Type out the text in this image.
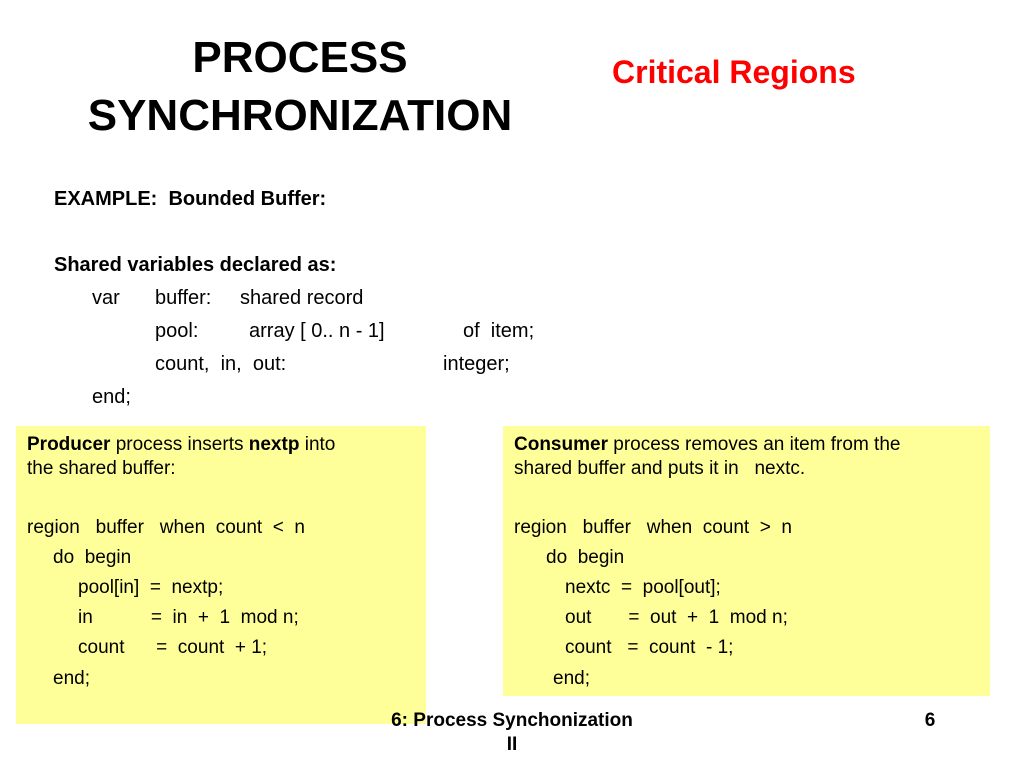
PROCESS
SYNCHRONIZATION
Critical Regions
EXAMPLE:  Bounded Buffer:
Shared variables declared as:
var buffer: shared record
pool:	array [ 0.. n - 1]	of  item;
count,  in,  out:	integer;
end;
Producer process inserts nextp into
the shared buffer:
region   buffer   when  count  <  n
do  begin
pool[in]  =  nextp;
in           =  in  +  1  mod n;
count      =  count  + 1;
end;
Consumer process removes an item from the
shared buffer and puts it in   nextc.
region   buffer   when  count  >  n
do  begin
nextc  =  pool[out];
out       =  out  +  1  mod n;
count   =  count  - 1;
end;
6: Process Synchonization
II
6
